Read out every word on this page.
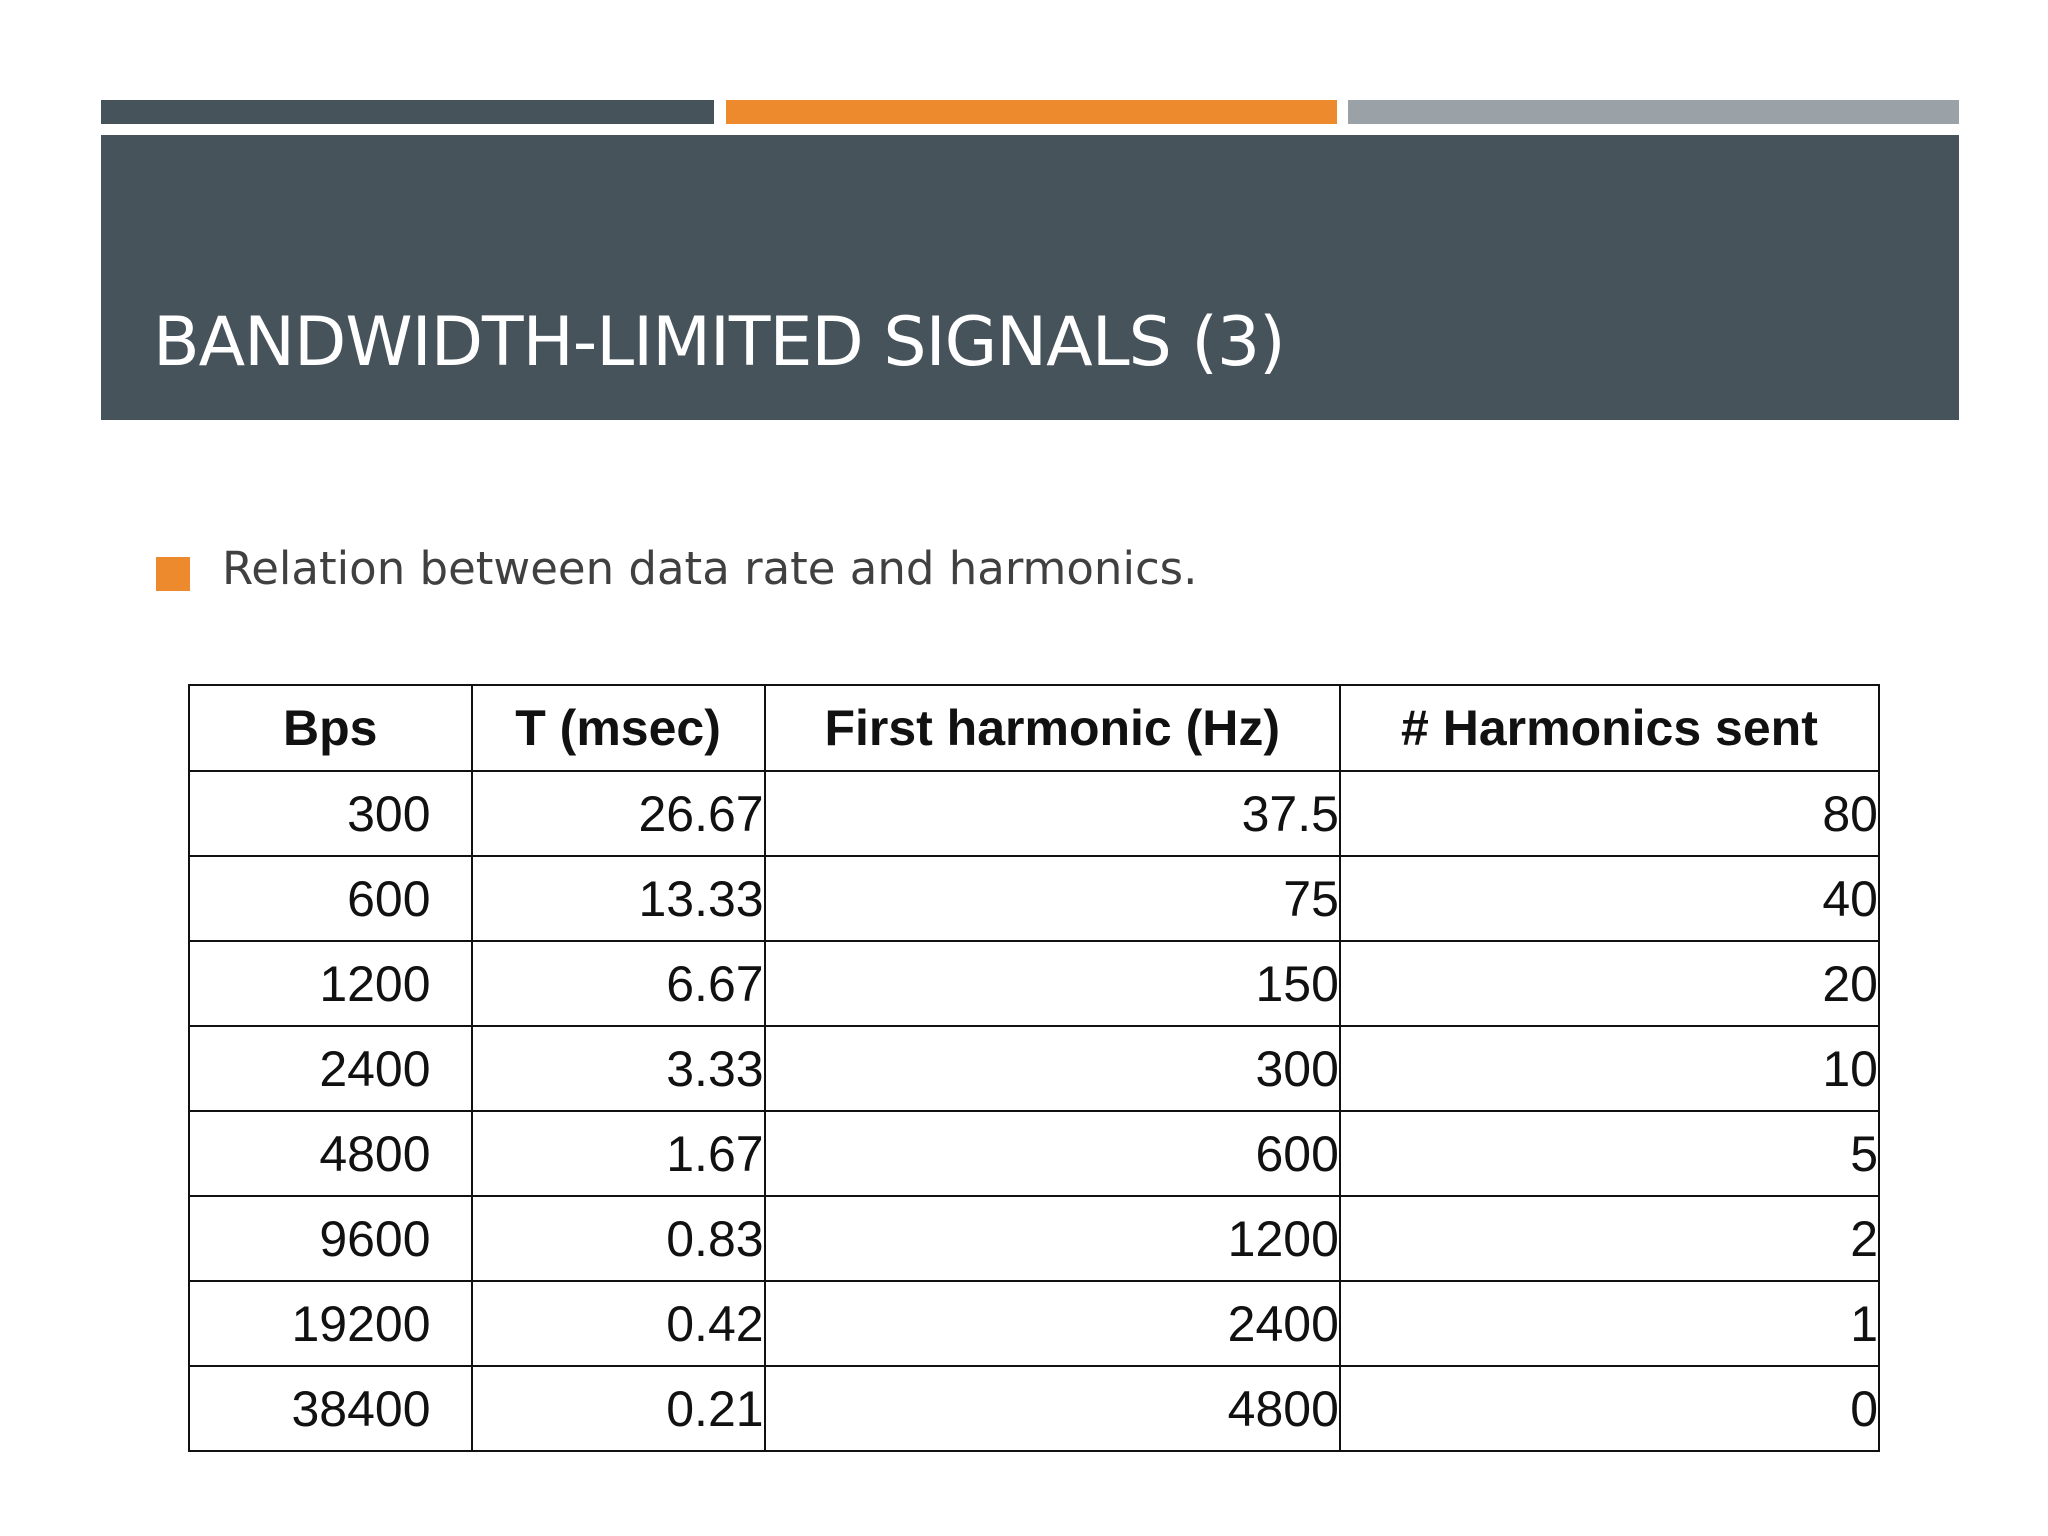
BANDWIDTH-LIMITED SIGNALS (3)
Relation between data rate and harmonics.
Bps	T (msec)	First harmonic (Hz)	# Harmonics sent
300	26.67	37.5	80
600	13.33	75	40
1200	6.67	150	20
2400	3.33	300	10
4800	1.67	600	5
9600	0.83	1200	2
19200	0.42	2400	1
38400	0.21	4800	0
